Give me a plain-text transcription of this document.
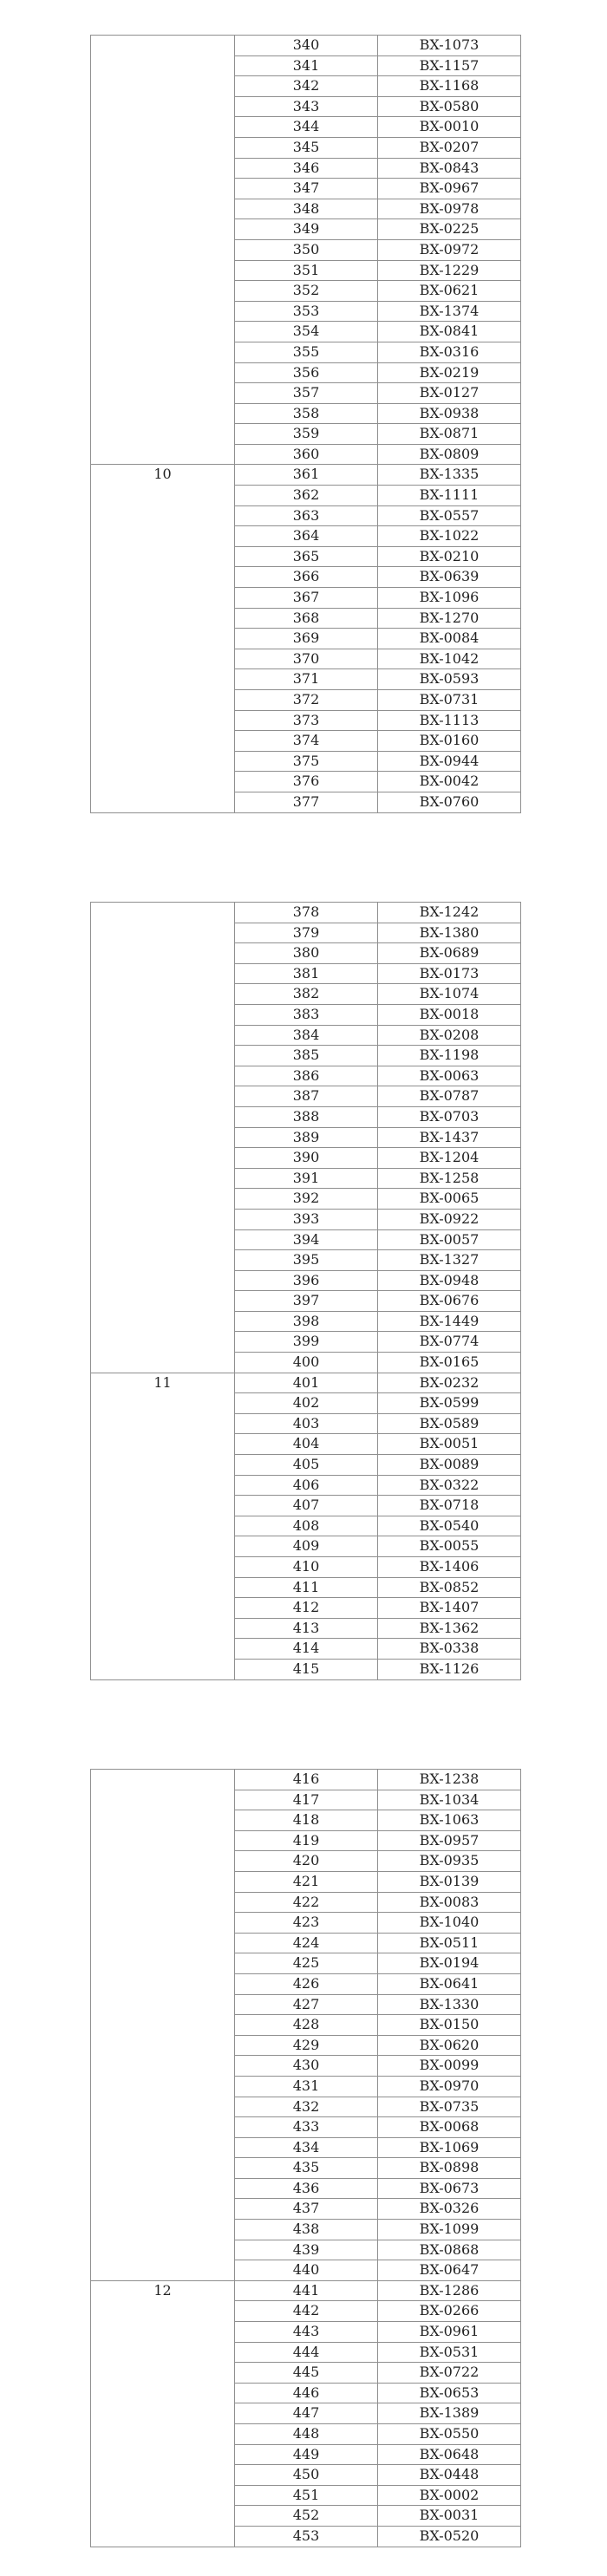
	340	BX-1073
	341	BX-1157
	342	BX-1168
	343	BX-0580
	344	BX-0010
	345	BX-0207
	346	BX-0843
	347	BX-0967
	348	BX-0978
	349	BX-0225
	350	BX-0972
	351	BX-1229
	352	BX-0621
	353	BX-1374
	354	BX-0841
	355	BX-0316
	356	BX-0219
	357	BX-0127
	358	BX-0938
	359	BX-0871
	360	BX-0809
10	361	BX-1335
	362	BX-1111
	363	BX-0557
	364	BX-1022
	365	BX-0210
	366	BX-0639
	367	BX-1096
	368	BX-1270
	369	BX-0084
	370	BX-1042
	371	BX-0593
	372	BX-0731
	373	BX-1113
	374	BX-0160
	375	BX-0944
	376	BX-0042
	377	BX-0760
	378	BX-1242
	379	BX-1380
	380	BX-0689
	381	BX-0173
	382	BX-1074
	383	BX-0018
	384	BX-0208
	385	BX-1198
	386	BX-0063
	387	BX-0787
	388	BX-0703
	389	BX-1437
	390	BX-1204
	391	BX-1258
	392	BX-0065
	393	BX-0922
	394	BX-0057
	395	BX-1327
	396	BX-0948
	397	BX-0676
	398	BX-1449
	399	BX-0774
	400	BX-0165
11	401	BX-0232
	402	BX-0599
	403	BX-0589
	404	BX-0051
	405	BX-0089
	406	BX-0322
	407	BX-0718
	408	BX-0540
	409	BX-0055
	410	BX-1406
	411	BX-0852
	412	BX-1407
	413	BX-1362
	414	BX-0338
	415	BX-1126
	416	BX-1238
	417	BX-1034
	418	BX-1063
	419	BX-0957
	420	BX-0935
	421	BX-0139
	422	BX-0083
	423	BX-1040
	424	BX-0511
	425	BX-0194
	426	BX-0641
	427	BX-1330
	428	BX-0150
	429	BX-0620
	430	BX-0099
	431	BX-0970
	432	BX-0735
	433	BX-0068
	434	BX-1069
	435	BX-0898
	436	BX-0673
	437	BX-0326
	438	BX-1099
	439	BX-0868
	440	BX-0647
12	441	BX-1286
	442	BX-0266
	443	BX-0961
	444	BX-0531
	445	BX-0722
	446	BX-0653
	447	BX-1389
	448	BX-0550
	449	BX-0648
	450	BX-0448
	451	BX-0002
	452	BX-0031
	453	BX-0520
